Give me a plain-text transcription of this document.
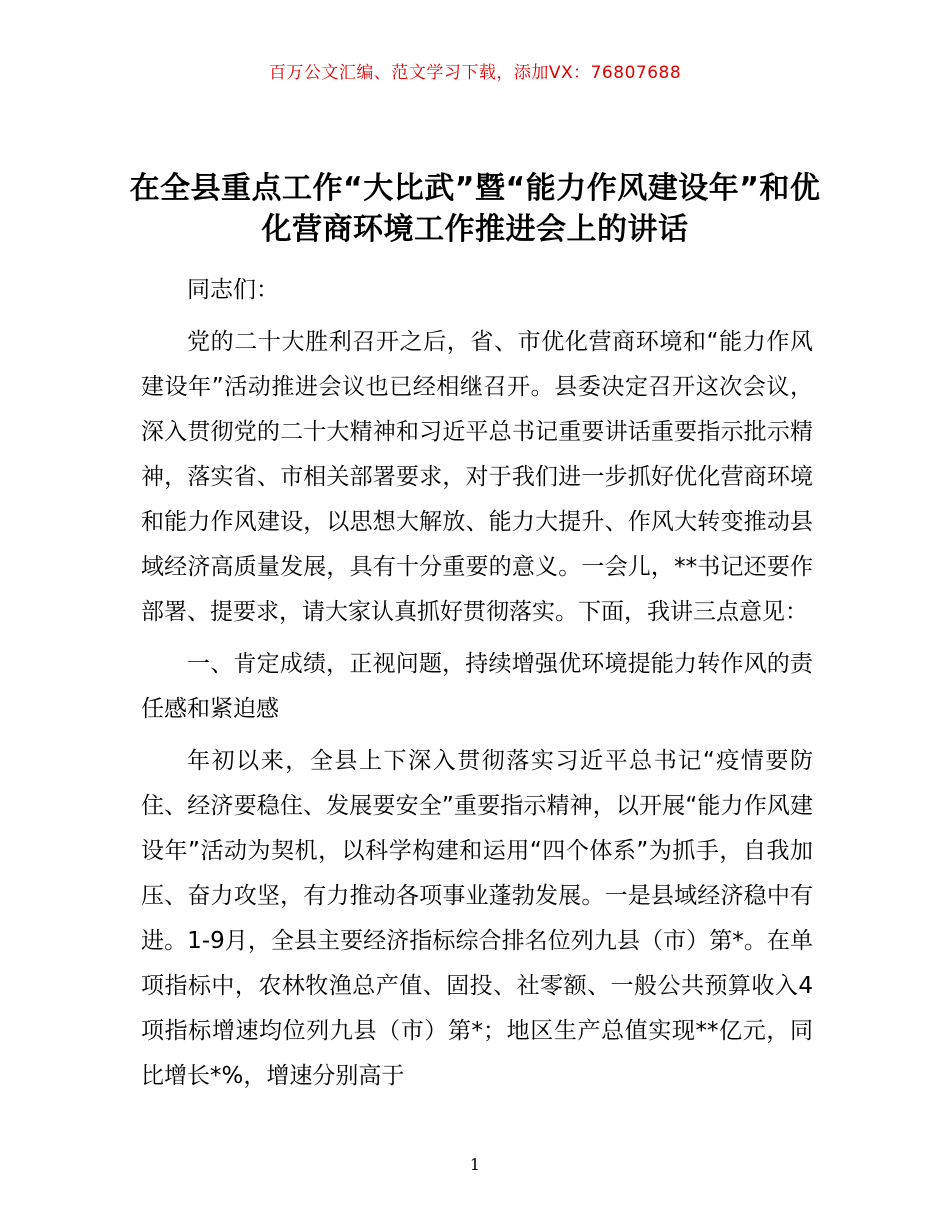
百万公文汇编、范文学习下载，添加VX：76807688
在全县重点工作“大比武”暨“能力作风建设年”和优化营商环境工作推进会上的讲话

同志们：

党的二十大胜利召开之后，省、市优化营商环境和“能力作风建设年”活动推进会议也已经相继召开。县委决定召开这次会议，深入贯彻党的二十大精神和习近平总书记重要讲话重要指示批示精神，落实省、市相关部署要求，对于我们进一步抓好优化营商环境和能力作风建设，以思想大解放、能力大提升、作风大转变推动县域经济高质量发展，具有十分重要的意义。一会儿，**书记还要作部署、提要求，请大家认真抓好贯彻落实。下面，我讲三点意见：

一、肯定成绩，正视问题，持续增强优环境提能力转作风的责任感和紧迫感

年初以来，全县上下深入贯彻落实习近平总书记“疫情要防住、经济要稳住、发展要安全”重要指示精神，以开展“能力作风建设年”活动为契机，以科学构建和运用“四个体系”为抓手，自我加压、奋力攻坚，有力推动各项事业蓬勃发展。一是县域经济稳中有进。1-9月，全县主要经济指标综合排名位列九县（市）第*。在单项指标中，农林牧渔总产值、固投、社零额、一般公共预算收入4项指标增速均位列九县（市）第*；地区生产总值实现**亿元，同比增长*%，增速分别高于

1
